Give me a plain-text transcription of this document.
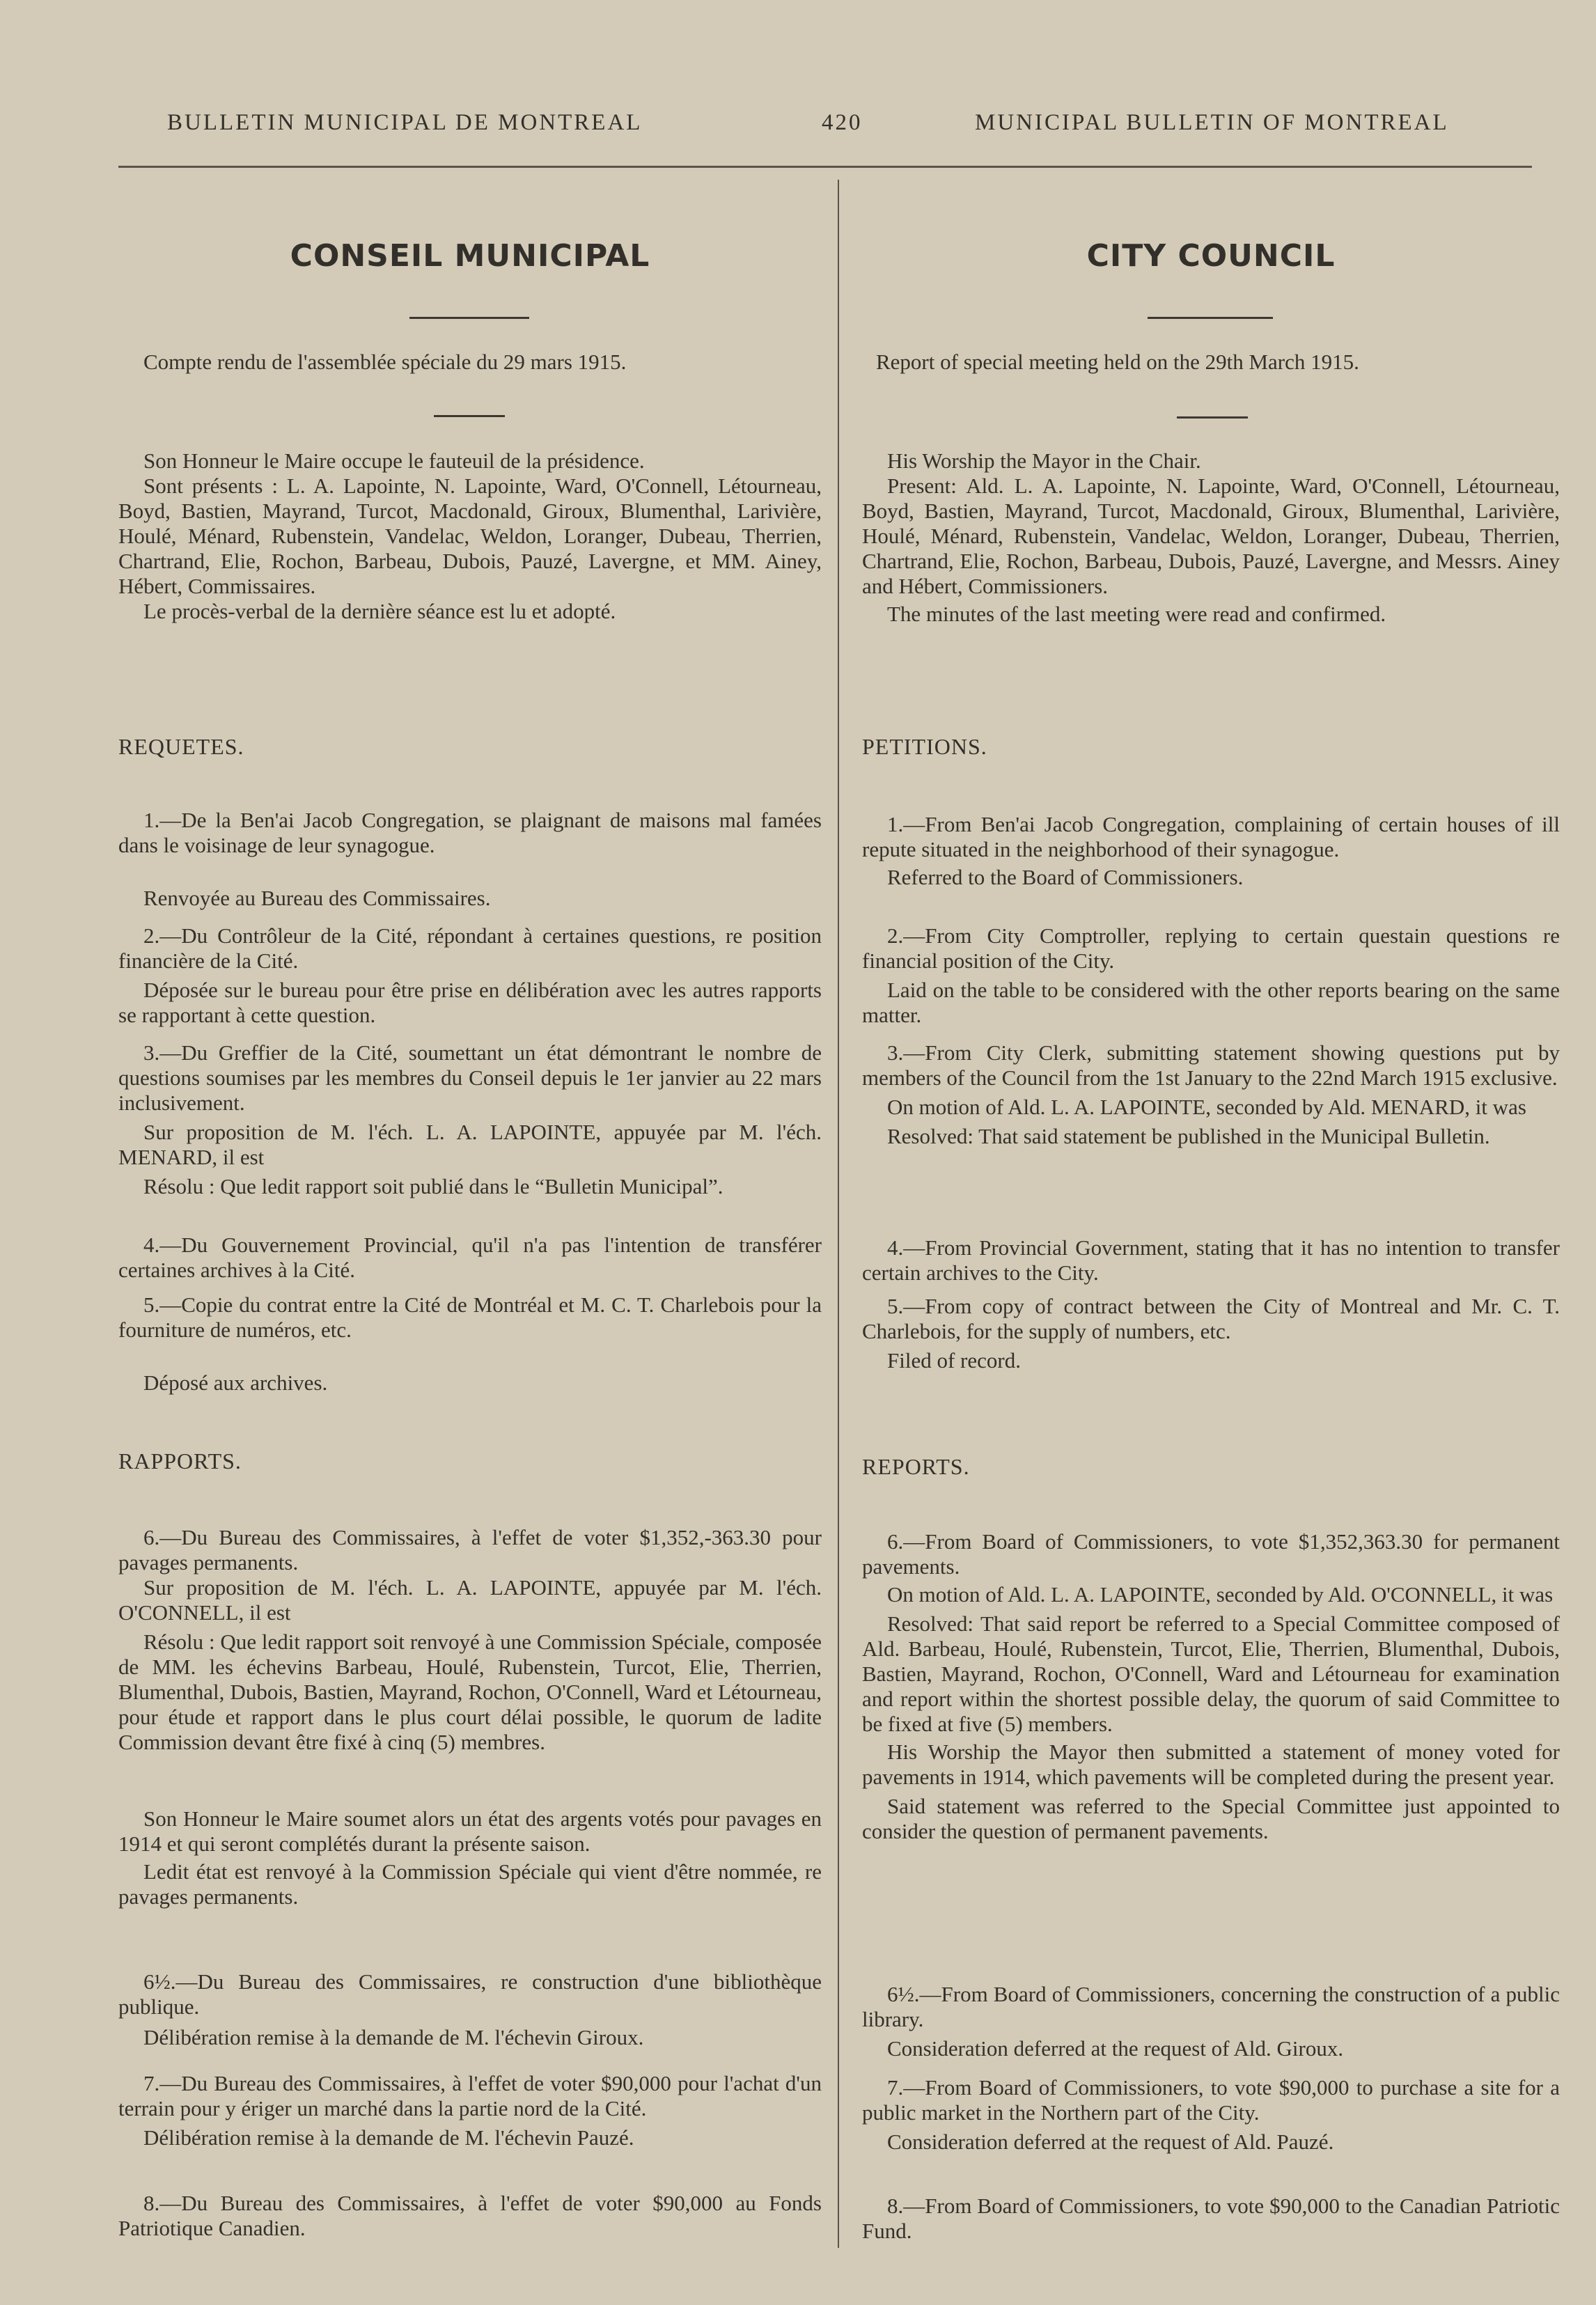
BULLETIN MUNICIPAL DE MONTREAL	420	MUNICIPAL BULLETIN OF MONTREAL
CONSEIL MUNICIPAL

Compte rendu de l'assemblée spéciale du 29 mars 1915.

Son Honneur le Maire occupe le fauteuil de la présidence.

Sont présents : L. A. Lapointe, N. Lapointe, Ward, O'Connell, Létourneau, Boyd, Bastien, Mayrand, Turcot, Macdonald, Giroux, Blumenthal, Larivière, Houlé, Ménard, Rubenstein, Vandelac, Weldon, Loranger, Dubeau, Therrien, Chartrand, Elie, Rochon, Barbeau, Dubois, Pauzé, Lavergne, et MM. Ainey, Hébert, Commissaires.

Le procès-verbal de la dernière séance est lu et adopté.

REQUETES.

1.—De la Ben'ai Jacob Congregation, se plaignant de maisons mal famées dans le voisinage de leur synagogue.

Renvoyée au Bureau des Commissaires.

2.—Du Contrôleur de la Cité, répondant à certaines questions, re position financière de la Cité.

Déposée sur le bureau pour être prise en délibération avec les autres rapports se rapportant à cette question.

3.—Du Greffier de la Cité, soumettant un état démontrant le nombre de questions soumises par les membres du Conseil depuis le 1er janvier au 22 mars inclusivement.

Sur proposition de M. l'éch. L. A. LAPOINTE, appuyée par M. l'éch. MENARD, il est

Résolu : Que ledit rapport soit publié dans le “Bulletin Municipal”.

4.—Du Gouvernement Provincial, qu'il n'a pas l'intention de transférer certaines archives à la Cité.

5.—Copie du contrat entre la Cité de Montréal et M. C. T. Charlebois pour la fourniture de numéros, etc.

Déposé aux archives.

RAPPORTS.

6.—Du Bureau des Commissaires, à l'effet de voter $1,352,-363.30 pour pavages permanents.

Sur proposition de M. l'éch. L. A. LAPOINTE, appuyée par M. l'éch. O'CONNELL, il est

Résolu : Que ledit rapport soit renvoyé à une Commission Spéciale, composée de MM. les échevins Barbeau, Houlé, Rubenstein, Turcot, Elie, Therrien, Blumenthal, Dubois, Bastien, Mayrand, Rochon, O'Connell, Ward et Létourneau, pour étude et rapport dans le plus court délai possible, le quorum de ladite Commission devant être fixé à cinq (5) membres.

Son Honneur le Maire soumet alors un état des argents votés pour pavages en 1914 et qui seront complétés durant la présente saison.

Ledit état est renvoyé à la Commission Spéciale qui vient d'être nommée, re pavages permanents.

6½.—Du Bureau des Commissaires, re construction d'une bibliothèque publique.

Délibération remise à la demande de M. l'échevin Giroux.

7.—Du Bureau des Commissaires, à l'effet de voter $90,000 pour l'achat d'un terrain pour y ériger un marché dans la partie nord de la Cité.

Délibération remise à la demande de M. l'échevin Pauzé.

8.—Du Bureau des Commissaires, à l'effet de voter $90,000 au Fonds Patriotique Canadien.

CITY COUNCIL

Report of special meeting held on the 29th March 1915.

His Worship the Mayor in the Chair.

Present: Ald. L. A. Lapointe, N. Lapointe, Ward, O'Connell, Létourneau, Boyd, Bastien, Mayrand, Turcot, Macdonald, Giroux, Blumenthal, Larivière, Houlé, Ménard, Rubenstein, Vandelac, Weldon, Loranger, Dubeau, Therrien, Chartrand, Elie, Rochon, Barbeau, Dubois, Pauzé, Lavergne, and Messrs. Ainey and Hébert, Commissioners.

The minutes of the last meeting were read and confirmed.

PETITIONS.

1.—From Ben'ai Jacob Congregation, complaining of certain houses of ill repute situated in the neighborhood of their synagogue.

Referred to the Board of Commissioners.

2.—From City Comptroller, replying to certain questain questions re financial position of the City.

Laid on the table to be considered with the other reports bearing on the same matter.

3.—From City Clerk, submitting statement showing questions put by members of the Council from the 1st January to the 22nd March 1915 exclusive.

On motion of Ald. L. A. LAPOINTE, seconded by Ald. MENARD, it was

Resolved: That said statement be published in the Municipal Bulletin.

4.—From Provincial Government, stating that it has no intention to transfer certain archives to the City.

5.—From copy of contract between the City of Montreal and Mr. C. T. Charlebois, for the supply of numbers, etc.

Filed of record.

REPORTS.

6.—From Board of Commissioners, to vote $1,352,363.30 for permanent pavements.

On motion of Ald. L. A. LAPOINTE, seconded by Ald. O'CONNELL, it was

Resolved: That said report be referred to a Special Committee composed of Ald. Barbeau, Houlé, Rubenstein, Turcot, Elie, Therrien, Blumenthal, Dubois, Bastien, Mayrand, Rochon, O'Connell, Ward and Létourneau for examination and report within the shortest possible delay, the quorum of said Committee to be fixed at five (5) members.

His Worship the Mayor then submitted a statement of money voted for pavements in 1914, which pavements will be completed during the present year.

Said statement was referred to the Special Committee just appointed to consider the question of permanent pavements.

6½.—From Board of Commissioners, concerning the construction of a public library.

Consideration deferred at the request of Ald. Giroux.

7.—From Board of Commissioners, to vote $90,000 to purchase a site for a public market in the Northern part of the City.

Consideration deferred at the request of Ald. Pauzé.

8.—From Board of Commissioners, to vote $90,000 to the Canadian Patriotic Fund.
